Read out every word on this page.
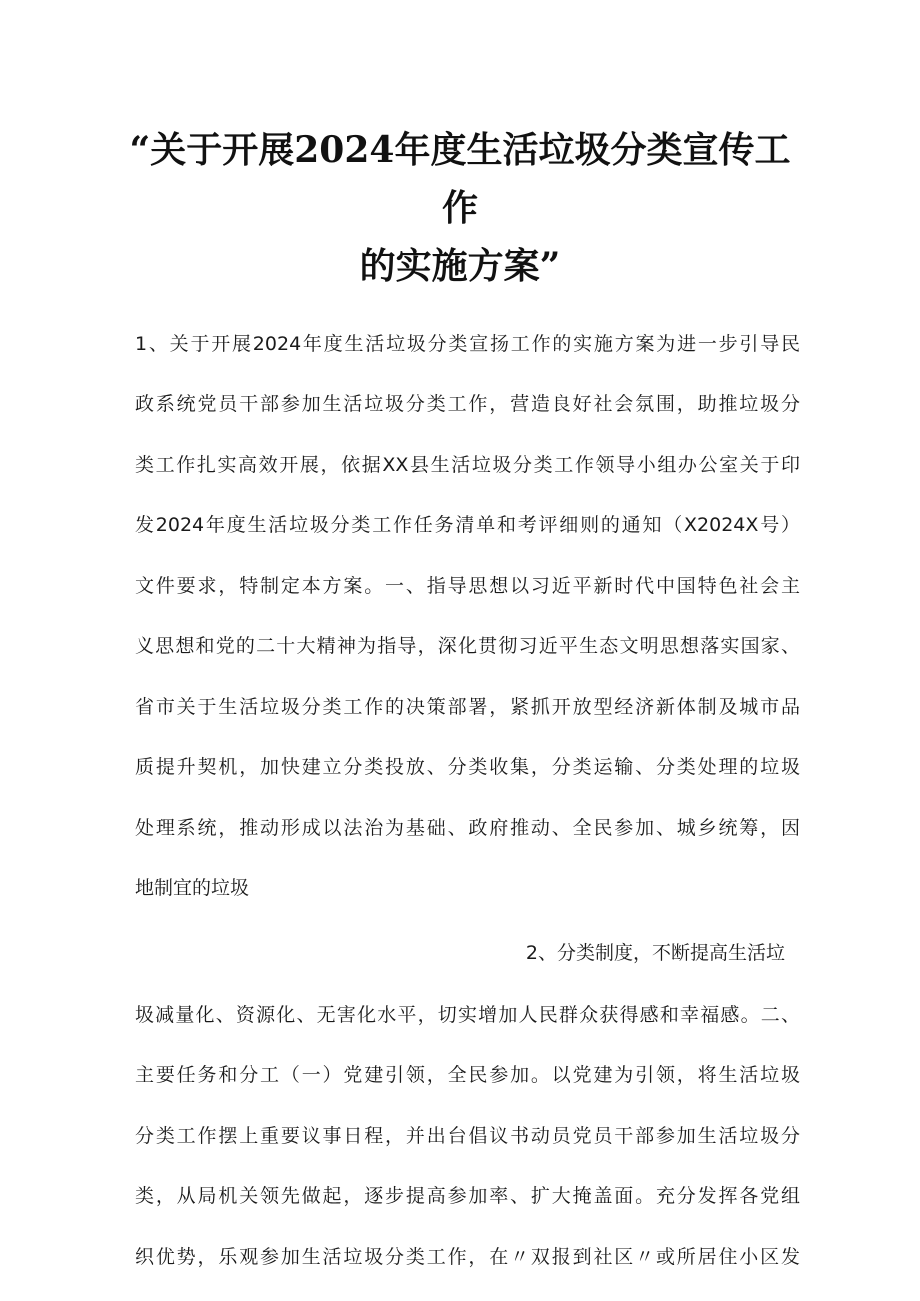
“关于开展2024年度生活垃圾分类宣传工
作
的实施方案”
1、关于开展2024年度生活垃圾分类宣扬工作的实施方案为进一步引导民
政系统党员干部参加生活垃圾分类工作，营造良好社会氛围，助推垃圾分
类工作扎实高效开展，依据XX县生活垃圾分类工作领导小组办公室关于印
发2024年度生活垃圾分类工作任务清单和考评细则的通知（X2024X号）
文件要求，特制定本方案。一、指导思想以习近平新时代中国特色社会主
义思想和党的二十大精神为指导，深化贯彻习近平生态文明思想落实国家、
省市关于生活垃圾分类工作的决策部署，紧抓开放型经济新体制及城市品
质提升契机，加快建立分类投放、分类收集，分类运输、分类处理的垃圾
处理系统，推动形成以法治为基础、政府推动、全民参加、城乡统筹，因
地制宜的垃圾
2、分类制度，不断提高生活垃
圾减量化、资源化、无害化水平，切实增加人民群众获得感和幸福感。二、
主要任务和分工（一）党建引领，全民参加。以党建为引领，将生活垃圾
分类工作摆上重要议事日程，并出台倡议书动员党员干部参加生活垃圾分
类，从局机关领先做起，逐步提高参加率、扩大掩盖面。充分发挥各党组
织优势，乐观参加生活垃圾分类工作，在〃双报到社区〃或所居住小区发
